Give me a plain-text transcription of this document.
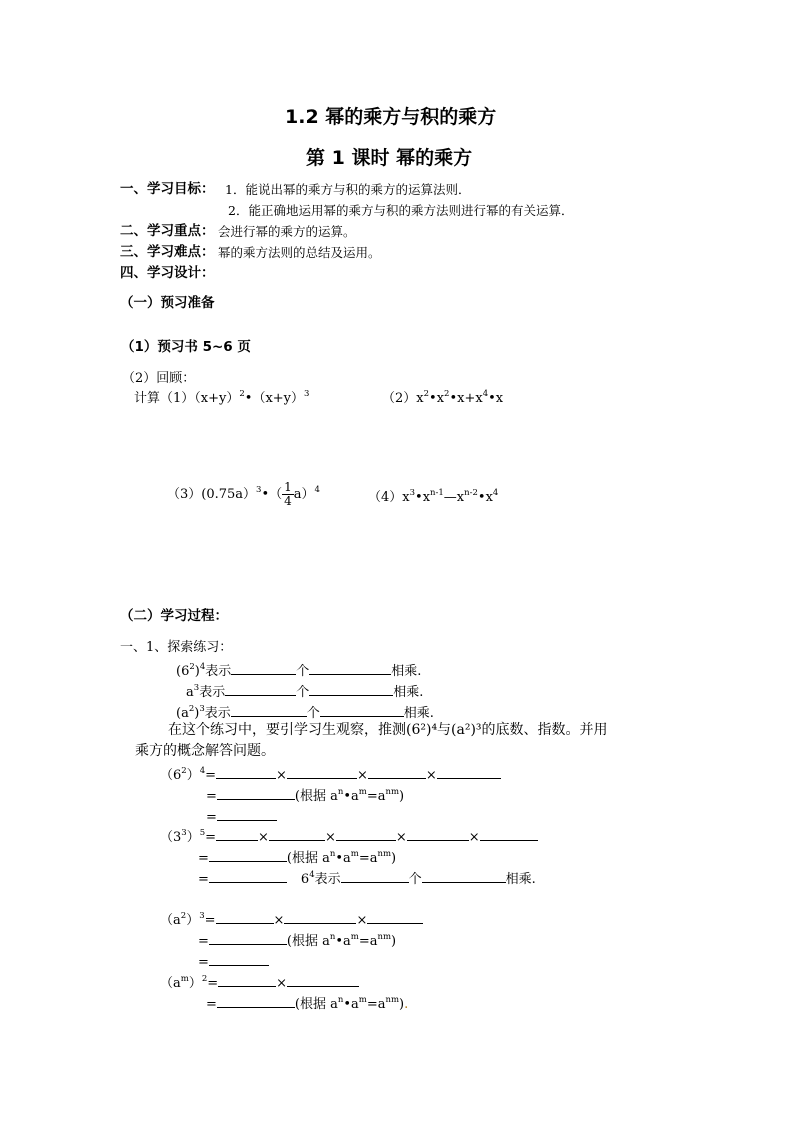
1.2 幂的乘方与积的乘方
第 1 课时 幂的乘方
一、学习目标： 1．能说出幂的乘方与积的乘方的运算法则．
2．能正确地运用幂的乘方与积的乘方法则进行幂的有关运算．
二、学习重点： 会进行幂的乘方的运算。
三、学习难点： 幂的乘方法则的总结及运用。
四、学习设计：
（一）预习准备
（1）预习书 5~6 页
（2）回顾：
计算$(1)(x+y)^2•(x+y)^3$	$(2)x^2•x^2•x+x^4•x$
（3）(0.75a）$^3$•（ $\frac{1}{4} a)^4$	$(4)x^3•x^{n-1}—x^{n-2}•x^4$
（二）学习过程：
一、1、探索练习：
$(6^2)^4$表示	个	相乘.
$a^3$表示	个	相乘.
$(a^2)^3$表示	个	相乘.
在这个练习中，要引学习生观察，推测(6²)⁴与(a²)³的底数、指数。并用
乘方的概念解答问题。
$(6^2)^4=$	×	×	×
=	(根据 $a^n•a^m=a^{nm}$)
=
$(3^3)^5=$	×	×	×	×
=	(根据 $a^n•a^m=a^{nm}$)
=	$6^4$表示	个	相乘.
$(a^2)^3=$	×	×
=	(根据 $a^n•a^m=a^{nm}$)
=
$(a^m)^2=$	×
=	(根据 $a^n•a^m=a^{nm}$).
